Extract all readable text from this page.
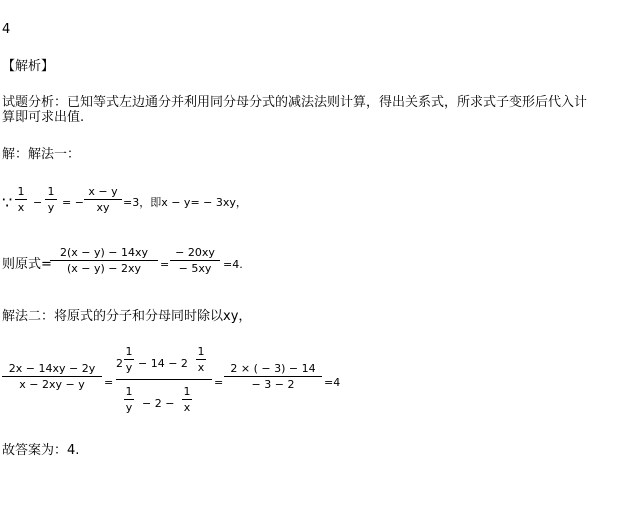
4
【解析】
试题分析：已知等式左边通分并利用同分母分式的减法法则计算，得出关系式，所求式子变形后代入计
算即可求出值.
解：解法一：
∵
1
x −
1
y = −
x − y
xy	=3，即x − y= − 3xy，
则原式=
2(x − y) − 14xy
(x − y) − 2xy	=
− 20xy
− 5xy	=4.
解法二：将原式的分子和分母同时除以xy，
2x − 14xy − 2y
x − 2xy − y	=
2
1
y − 14 − 2
1
x
1
y − 2 −
1
x
=
2 × ( − 3) − 14
− 3 − 2	=4
故答案为：4.
